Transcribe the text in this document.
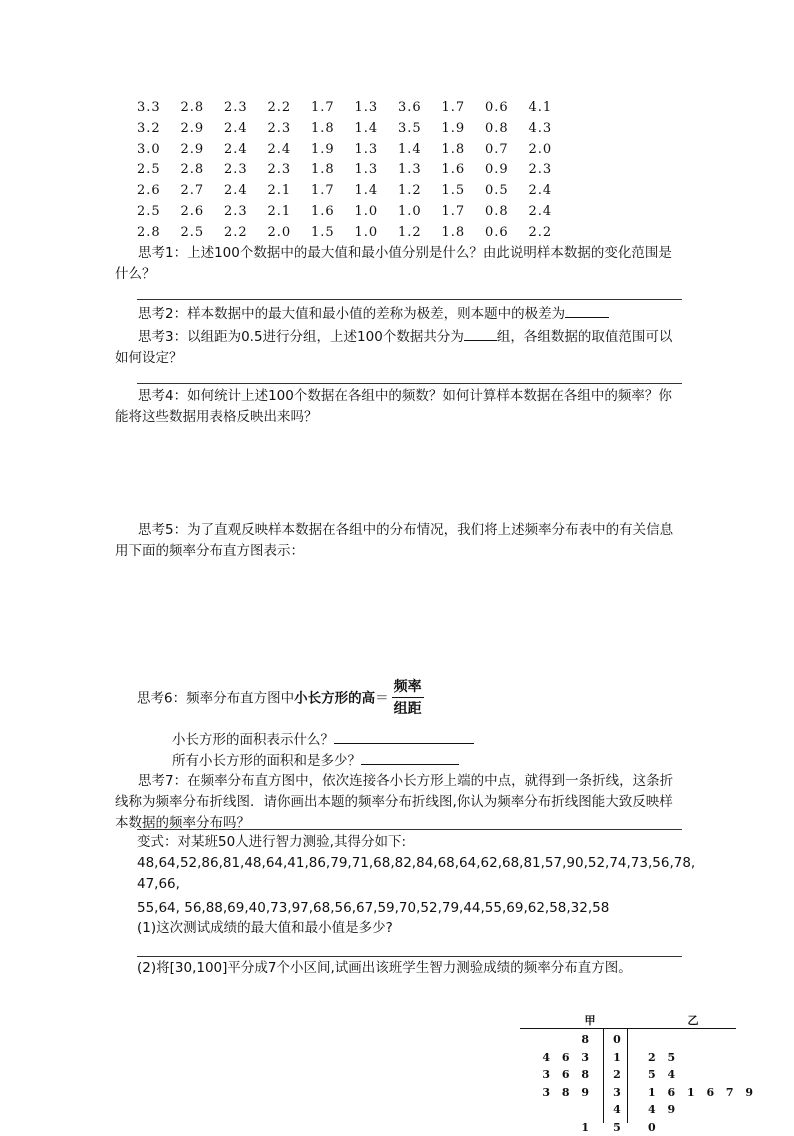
3.3 2.8 2.3 2.2 1.7 1.3 3.6 1.7 0.6 4.1
3.2 2.9 2.4 2.3 1.8 1.4 3.5 1.9 0.8 4.3
3.0 2.9 2.4 2.4 1.9 1.3 1.4 1.8 0.7 2.0
2.5 2.8 2.3 2.3 1.8 1.3 1.3 1.6 0.9 2.3
2.6 2.7 2.4 2.1 1.7 1.4 1.2 1.5 0.5 2.4
2.5 2.6 2.3 2.1 1.6 1.0 1.0 1.7 0.8 2.4
2.8 2.5 2.2 2.0 1.5 1.0 1.2 1.8 0.6 2.2
思考1：上述100个数据中的最大值和最小值分别是什么？由此说明样本数据的变化范围是什么？
思考2：样本数据中的最大值和最小值的差称为极差，则本题中的极差为
思考3：以组距为0.5进行分组，上述100个数据共分为 组，各组数据的取值范围可以如何设定？
思考4：如何统计上述100个数据在各组中的频数？如何计算样本数据在各组中的频率？你能将这些数据用表格反映出来吗？
思考5：为了直观反映样本数据在各组中的分布情况，我们将上述频率分布表中的有关信息用下面的频率分布直方图表示：
思考6：频率分布直方图中小长方形的高＝ $\frac{\text{频率}}{\text{组距}}$
小长方形的面积表示什么？
所有小长方形的面积和是多少？
思考7：在频率分布直方图中，依次连接各小长方形上端的中点，就得到一条折线，这条折线称为频率分布折线图．请你画出本题的频率分布折线图,你认为频率分布折线图能大致反映样本数据的频率分布吗？
变式：对某班50人进行智力测验,其得分如下:
48,64,52,86,81,48,64,41,86,79,71,68,82,84,68,64,62,68,81,57,90,52,74,73,56,78,47,66,
55,64, 56,88,69,40,73,97,68,56,67,59,70,52,79,44,55,69,62,58,32,58
(1)这次测试成绩的最大值和最小值是多少?
(2)将[30,100]平分成7个小区间,试画出该班学生智力测验成绩的频率分布直方图。
甲	乙
8 0
4 6 3 1 2 5
3 6 8 2 5 4
3 8 9 3 1 6 1 6 7 9
4 4 9
1 5 0
